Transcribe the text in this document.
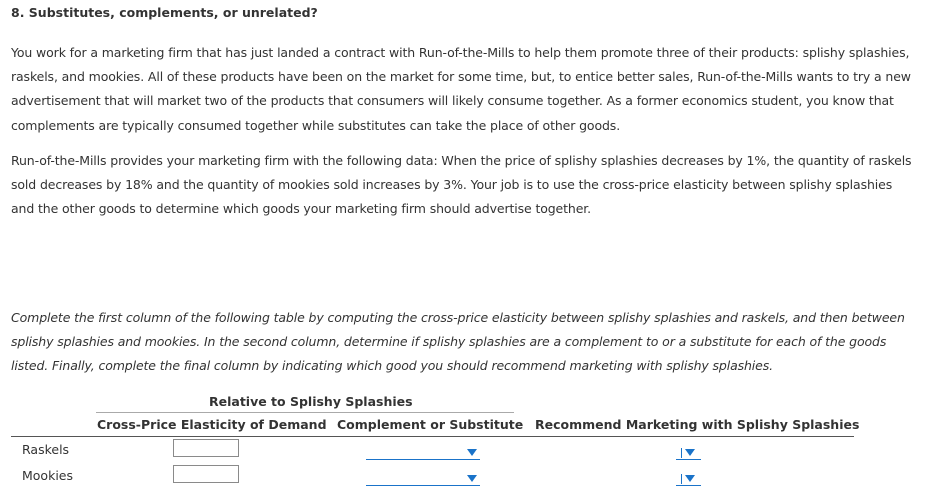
8. Substitutes, complements, or unrelated?

You work for a marketing firm that has just landed a contract with Run-of-the-Mills to help them promote three of their products: splishy splashies, raskels, and mookies. All of these products have been on the market for some time, but, to entice better sales, Run-of-the-Mills wants to try a new advertisement that will market two of the products that consumers will likely consume together. As a former economics student, you know that complements are typically consumed together while substitutes can take the place of other goods.

Run-of-the-Mills provides your marketing firm with the following data: When the price of splishy splashies decreases by 1%, the quantity of raskels sold decreases by 18% and the quantity of mookies sold increases by 3%. Your job is to use the cross-price elasticity between splishy splashies and the other goods to determine which goods your marketing firm should advertise together.

Complete the first column of the following table by computing the cross-price elasticity between splishy splashies and raskels, and then between splishy splashies and mookies. In the second column, determine if splishy splashies are a complement to or a substitute for each of the goods listed. Finally, complete the final column by indicating which good you should recommend marketing with splishy splashies.

Relative to Splishy Splashies
Cross-Price Elasticity of Demand Complement or Substitute Recommend Marketing with Splishy Splashies
Raskels
Mookies
